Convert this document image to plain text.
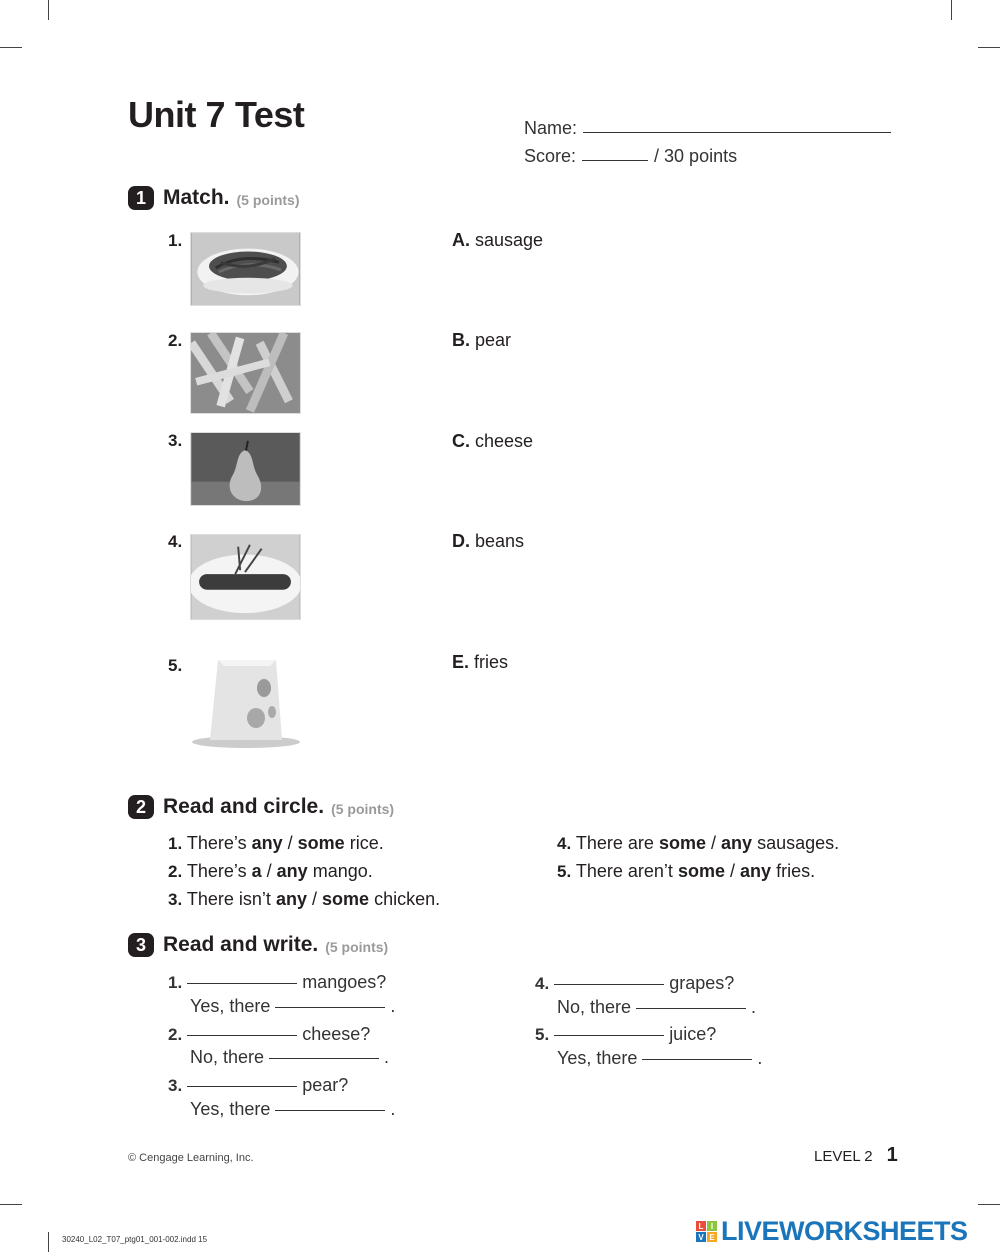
Unit 7 Test	Name:
Score:	/ 30 points
1 Match. (5 points)
1.	A. sausage
2.	B. pear
3.	C. cheese
4.	D. beans
5.	E. fries
2 Read and circle. (5 points)
1. There’s any / some rice.
2. There’s a / any mango.
3. There isn’t any / some chicken.
4. There are some / any sausages.
5. There aren’t some / any fries.
3 Read and write. (5 points)
1.	mangoes?
Yes, there	.
2.	cheese?
No, there	.
3.	pear?
Yes, there	.
4.	grapes?
No, there	.
5.	juice?
Yes, there	.
© Cengage Learning, Inc.	LEVEL 2 1
30240_L02_T07_ptg01_001-002.indd 15
L I
V E LIVEWORKSHEETS
